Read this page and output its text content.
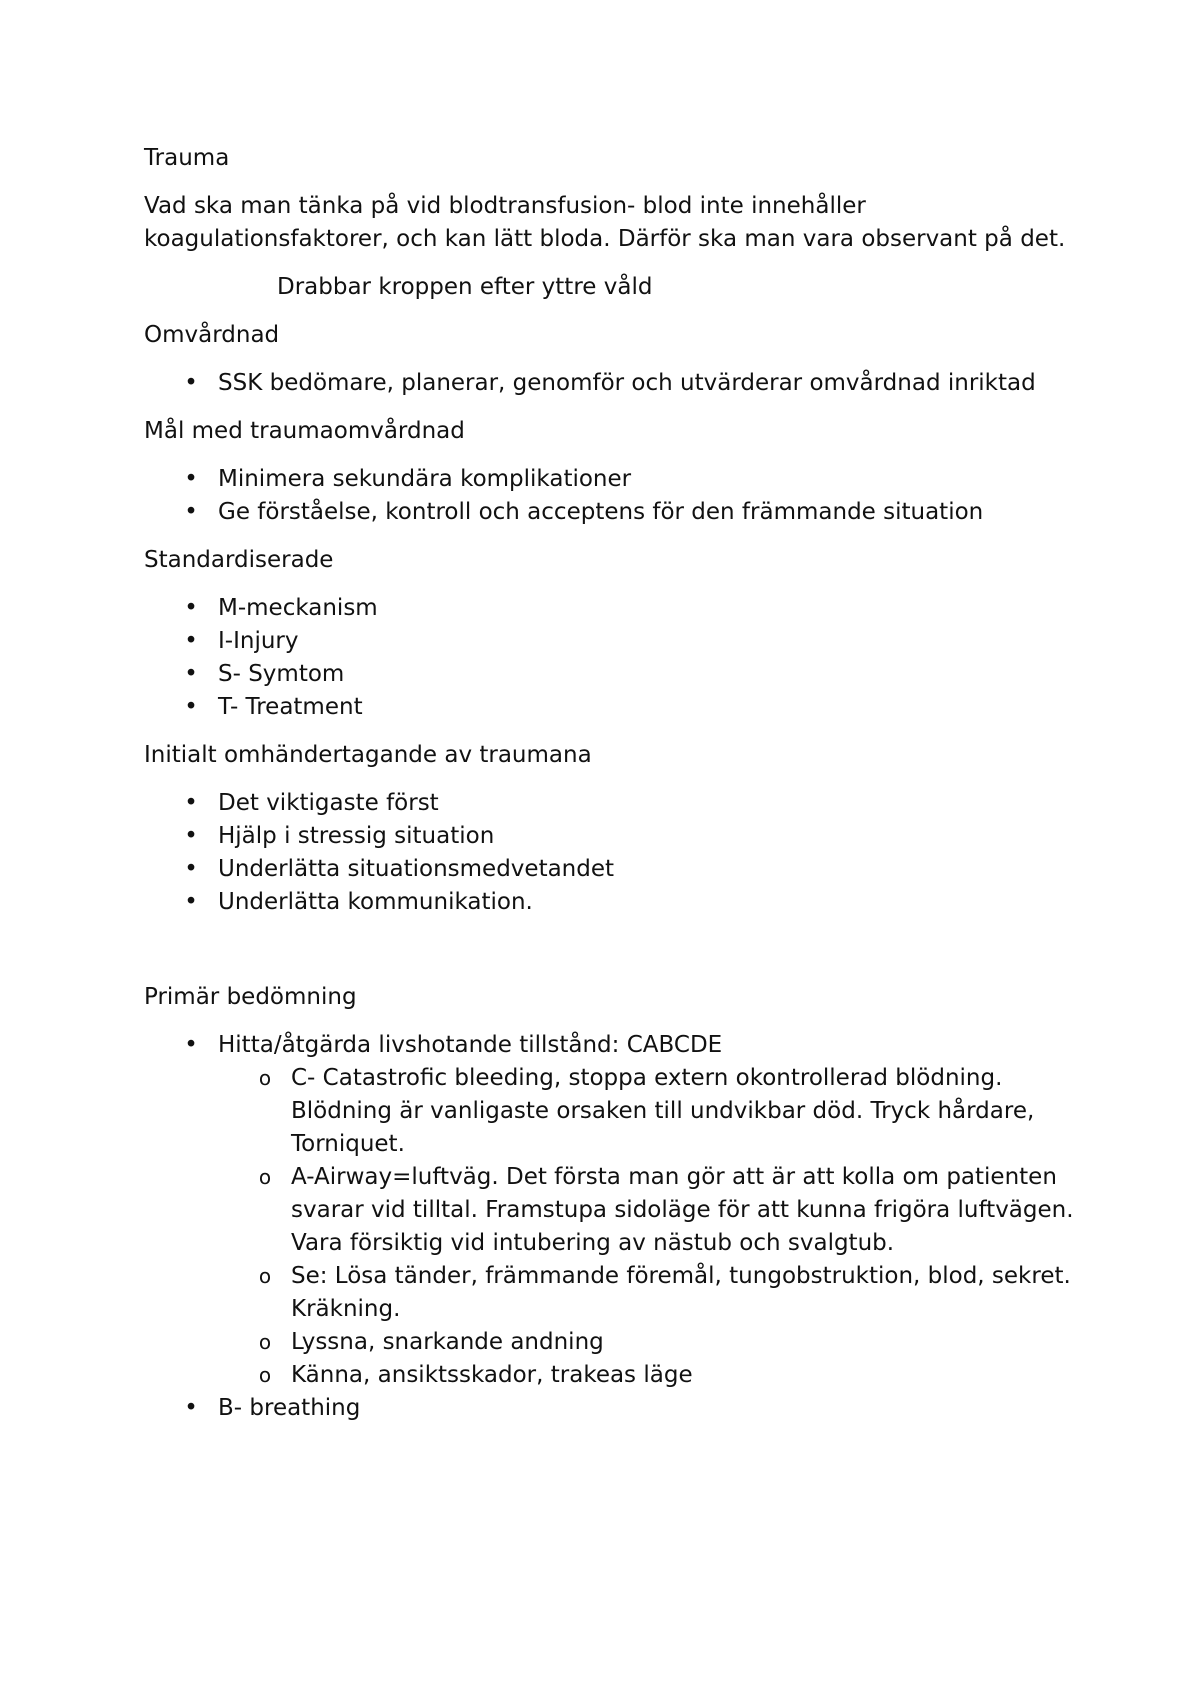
Trauma

Vad ska man tänka på vid blodtransfusion- blod inte innehåller koagulationsfaktorer, och kan lätt bloda. Därför ska man vara observant på det.

Drabbar kroppen efter yttre våld

Omvårdnad

•
SSK bedömare, planerar, genomför och utvärderar omvårdnad inriktad

Mål med traumaomvårdnad

•
Minimera sekundära komplikationer
•
Ge förståelse, kontroll och acceptens för den främmande situation

Standardiserade

•
M-meckanism
•
I-Injury
•
S- Symtom
•
T- Treatment

Initialt omhändertagande av traumana

•
Det viktigaste först
•
Hjälp i stressig situation
•
Underlätta situationsmedvetandet
•
Underlätta kommunikation.

Primär bedömning

•
Hitta/åtgärda livshotande tillstånd: CABCDE
o
C- Catastrofic bleeding, stoppa extern okontrollerad blödning. Blödning är vanligaste orsaken till undvikbar död. Tryck hårdare, Torniquet.
o
A-Airway=luftväg. Det första man gör att är att kolla om patienten svarar vid tilltal. Framstupa sidoläge för att kunna frigöra luftvägen. Vara försiktig vid intubering av nästub och svalgtub.
o
Se: Lösa tänder, främmande föremål, tungobstruktion, blod, sekret. Kräkning.
o
Lyssna, snarkande andning
o
Känna, ansiktsskador, trakeas läge
•
B- breathing
